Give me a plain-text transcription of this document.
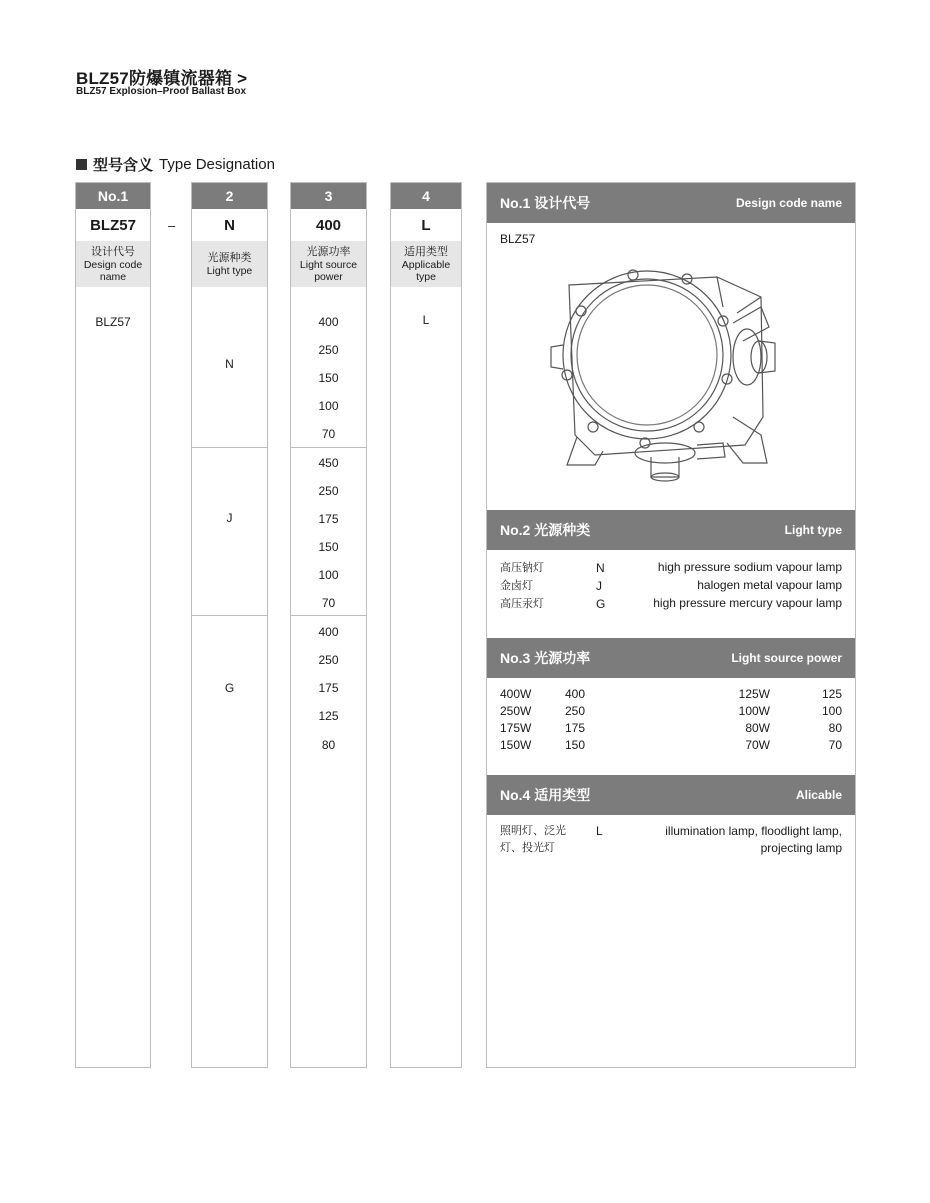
BLZ57防爆镇流器箱 >
BLZ57 Explosion–Proof Ballast Box
型号含义 Type Designation
No.1
BLZ57
设计代号
Design code name
BLZ57
–
2
N
光源种类
Light type
N
J
G
3
400
光源功率
Light source power
400
250
150
100
70
450
250
175
150
100
70
400
250
175
125
80
4
L
适用类型
Applicable type
L
No.1 设计代号	Design code name
BLZ57
No.2 光源种类	Light type
高压钠灯	N	high pressure sodium vapour lamp
金卤灯	J	halogen metal vapour lamp
高压汞灯	G	high pressure mercury vapour lamp
No.3 光源功率	Light source power
400W	400	125W	125
250W	250	100W	100
175W	175	80W	80
150W	150	70W	70
No.4 适用类型	Alicable
照明灯、泛光
灯、投光灯
L	illumination lamp, floodlight lamp,
projecting lamp
